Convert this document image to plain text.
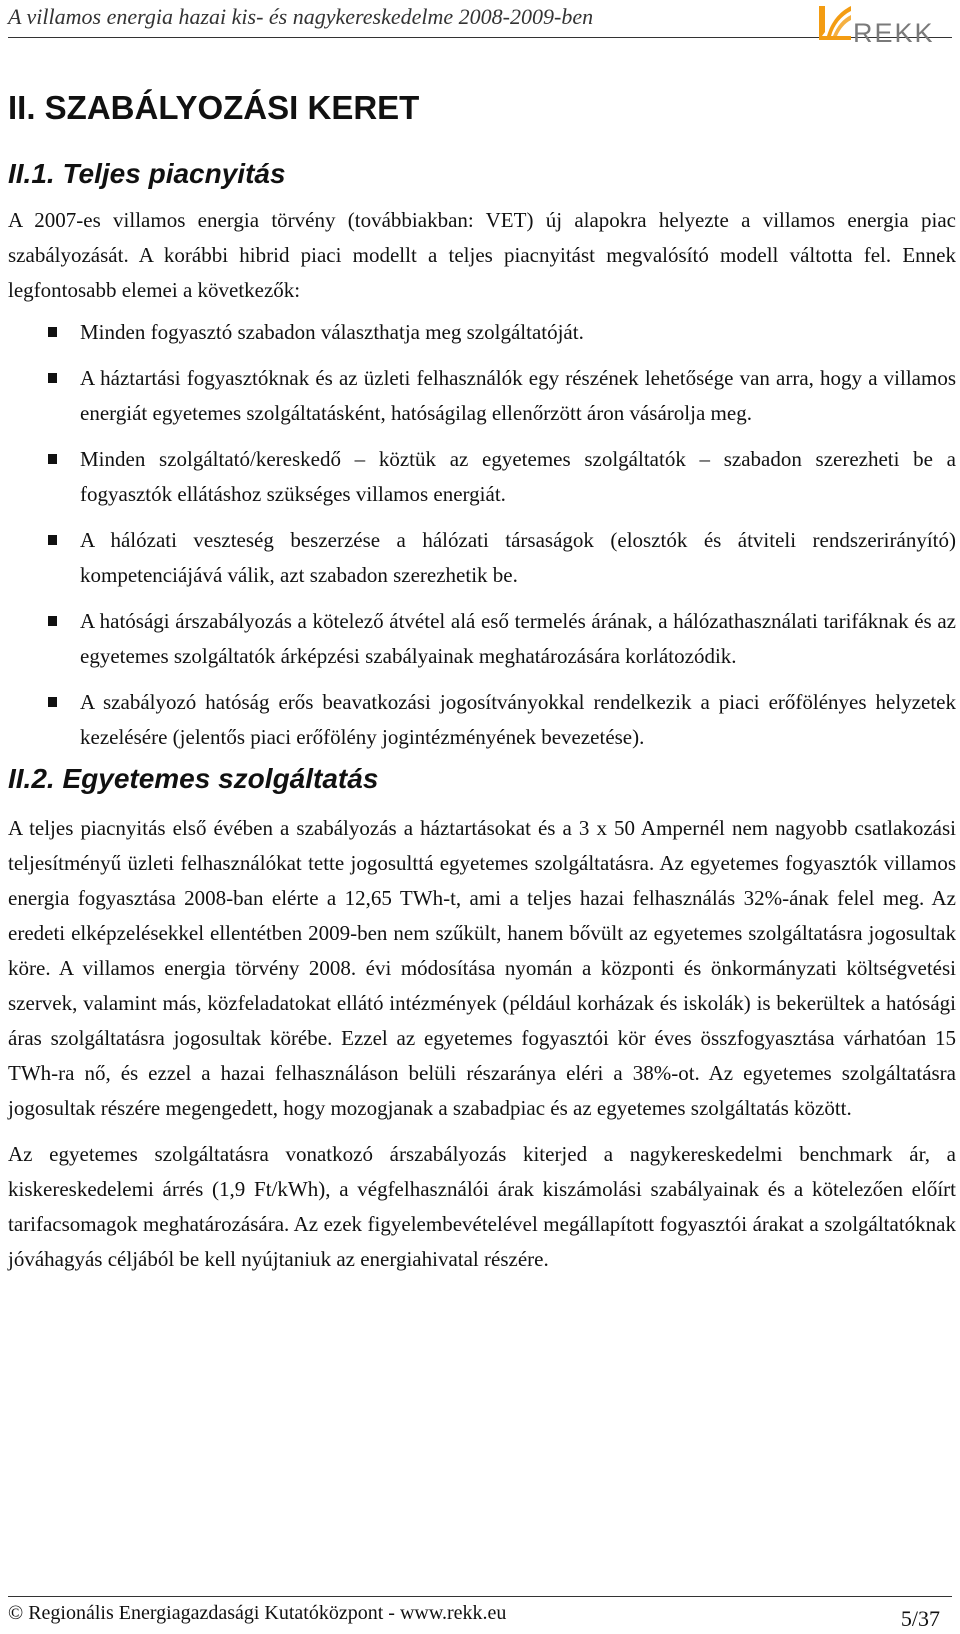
A villamos energia hazai kis- és nagykereskedelme 2008-2009-ben
REKK
II. SZABÁLYOZÁSI KERET
II.1. Teljes piacnyitás

A 2007-es villamos energia törvény (továbbiakban: VET) új alapokra helyezte a villamos energia piac szabályozását. A korábbi hibrid piaci modellt a teljes piacnyitást megvalósító modell váltotta fel. Ennek legfontosabb elemei a következők:

Minden fogyasztó szabadon választhatja meg szolgáltatóját.
A háztartási fogyasztóknak és az üzleti felhasználók egy részének lehetősége van arra, hogy a villamos energiát egyetemes szolgáltatásként, hatóságilag ellenőrzött áron vásárolja meg.
Minden szolgáltató/kereskedő – köztük az egyetemes szolgáltatók – szabadon szerezheti be a fogyasztók ellátáshoz szükséges villamos energiát.
A hálózati veszteség beszerzése a hálózati társaságok (elosztók és átviteli rendszerirányító) kompetenciájává válik, azt szabadon szerezhetik be.
A hatósági árszabályozás a kötelező átvétel alá eső termelés árának, a hálózathasználati tarifáknak és az egyetemes szolgáltatók árképzési szabályainak meghatározására korlátozódik.
A szabályozó hatóság erős beavatkozási jogosítványokkal rendelkezik a piaci erőfölényes helyzetek kezelésére (jelentős piaci erőfölény jogintézményének bevezetése).
II.2. Egyetemes szolgáltatás

A teljes piacnyitás első évében a szabályozás a háztartásokat és a 3 x 50 Ampernél nem nagyobb csatlakozási teljesítményű üzleti felhasználókat tette jogosulttá egyetemes szolgáltatásra. Az egyetemes fogyasztók villamos energia fogyasztása 2008-ban elérte a 12,65 TWh-t, ami a teljes hazai felhasználás 32%-ának felel meg. Az eredeti elképzelésekkel ellentétben 2009-ben nem szűkült, hanem bővült az egyetemes szolgáltatásra jogosultak köre. A villamos energia törvény 2008. évi módosítása nyomán a központi és önkormányzati költségvetési szervek, valamint más, közfeladatokat ellátó intézmények (például korházak és iskolák) is bekerültek a hatósági áras szolgáltatásra jogosultak körébe. Ezzel az egyetemes fogyasztói kör éves összfogyasztása várhatóan 15 TWh-ra nő, és ezzel a hazai felhasználáson belüli részaránya eléri a 38%-ot. Az egyetemes szolgáltatásra jogosultak részére megengedett, hogy mozogjanak a szabadpiac és az egyetemes szolgáltatás között.

Az egyetemes szolgáltatásra vonatkozó árszabályozás kiterjed a nagykereskedelmi benchmark ár, a kiskereskedelemi árrés (1,9 Ft/kWh), a végfelhasználói árak kiszámolási szabályainak és a kötelezően előírt tarifacsomagok meghatározására. Az ezek figyelembevételével megállapított fogyasztói árakat a szolgáltatóknak jóváhagyás céljából be kell nyújtaniuk az energiahivatal részére.

© Regionális Energiagazdasági Kutatóközpont - www.rekk.eu	5/37
